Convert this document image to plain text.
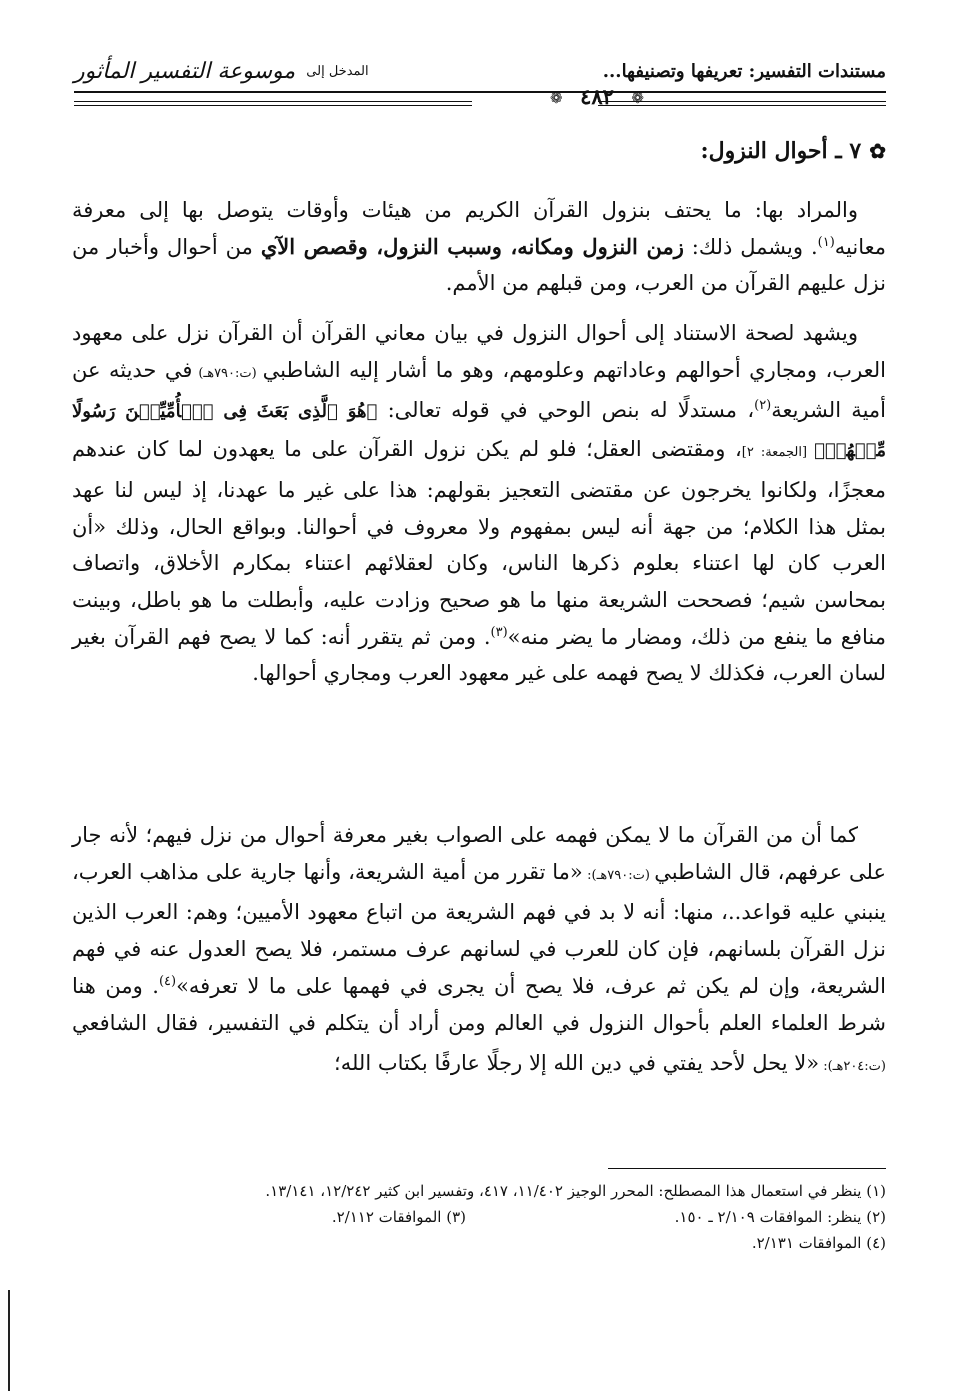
مستندات التفسير: تعريفها وتصنيفها...
المدخل إلى موسوعة التفسير المأثور
❁ ٤٨٢	❁
✿٧ ـ أحوال النزول:

والمراد بها: ما يحتف بنزول القرآن الكريم من هيئات وأوقات يتوصل بها إلى معرفة معانيه$^{(١)}$. ويشمل ذلك: زمن النزول ومكانه، وسبب النزول، وقصص الآي من أحوال وأخبار من نزل عليهم القرآن من العرب، ومن قبلهم من الأمم.

ويشهد لصحة الاستناد إلى أحوال النزول في بيان معاني القرآن أن القرآن نزل على معهود العرب، ومجاري أحوالهم وعاداتهم وعلومهم، وهو ما أشار إليه الشاطبي (ت:٧٩٠هـ) في حديثه عن أمية الشريعة$^{(٢)}$، مستدلًا له بنص الوحي في قوله تعالى: ﴿هُوَ ٱلَّذِى بَعَثَ فِى ٱلۡأُمِّيِّـۧنَ رَسُولًا مِّنۡهُمۡ﴾ [الجمعة: ٢]، ومقتضى العقل؛ فلو لم يكن نزول القرآن على ما يعهدون لما كان عندهم معجزًا، ولكانوا يخرجون عن مقتضى التعجيز بقولهم: هذا على غير ما عهدنا، إذ ليس لنا عهد بمثل هذا الكلام؛ من جهة أنه ليس بمفهوم ولا معروف في أحوالنا. وبواقع الحال، وذلك «أن العرب كان لها اعتناء بعلوم ذكرها الناس، وكان لعقلائهم اعتناء بمكارم الأخلاق، واتصاف بمحاسن شيم؛ فصححت الشريعة منها ما هو صحيح وزادت عليه، وأبطلت ما هو باطل، وبينت منافع ما ينفع من ذلك، ومضار ما يضر منه»$^{(٣)}$. ومن ثم يتقرر أنه: كما لا يصح فهم القرآن بغير لسان العرب، فكذلك لا يصح فهمه على غير معهود العرب ومجاري أحوالها.

كما أن من القرآن ما لا يمكن فهمه على الصواب بغير معرفة أحوال من نزل فيهم؛ لأنه جار على عرفهم، قال الشاطبي (ت:٧٩٠هـ): «ما تقرر من أمية الشريعة، وأنها جارية على مذاهب العرب، ينبني عليه قواعد..، منها: أنه لا بد في فهم الشريعة من اتباع معهود الأميين؛ وهم: العرب الذين نزل القرآن بلسانهم، فإن كان للعرب في لسانهم عرف مستمر، فلا يصح العدول عنه في فهم الشريعة، وإن لم يكن ثم عرف، فلا يصح أن يجرى في فهمها على ما لا تعرفه»$^{(٤)}$. ومن هنا شرط العلماء العلم بأحوال النزول في العالم ومن أراد أن يتكلم في التفسير، فقال الشافعي (ت:٢٠٤هـ): «لا يحل لأحد يفتي في دين الله إلا رجلًا عارفًا بكتاب الله؛

(١) ينظر في استعمال هذا المصطلح: المحرر الوجيز ١١/٤٠٢، ٤١٧، وتفسير ابن كثير ١٢/٢٤٢، ١٣/١٤١.
(٢) ينظر: الموافقات ٢/١٠٩ ـ ١٥٠.
(٣) الموافقات ٢/١١٢.
(٤) الموافقات ٢/١٣١.
